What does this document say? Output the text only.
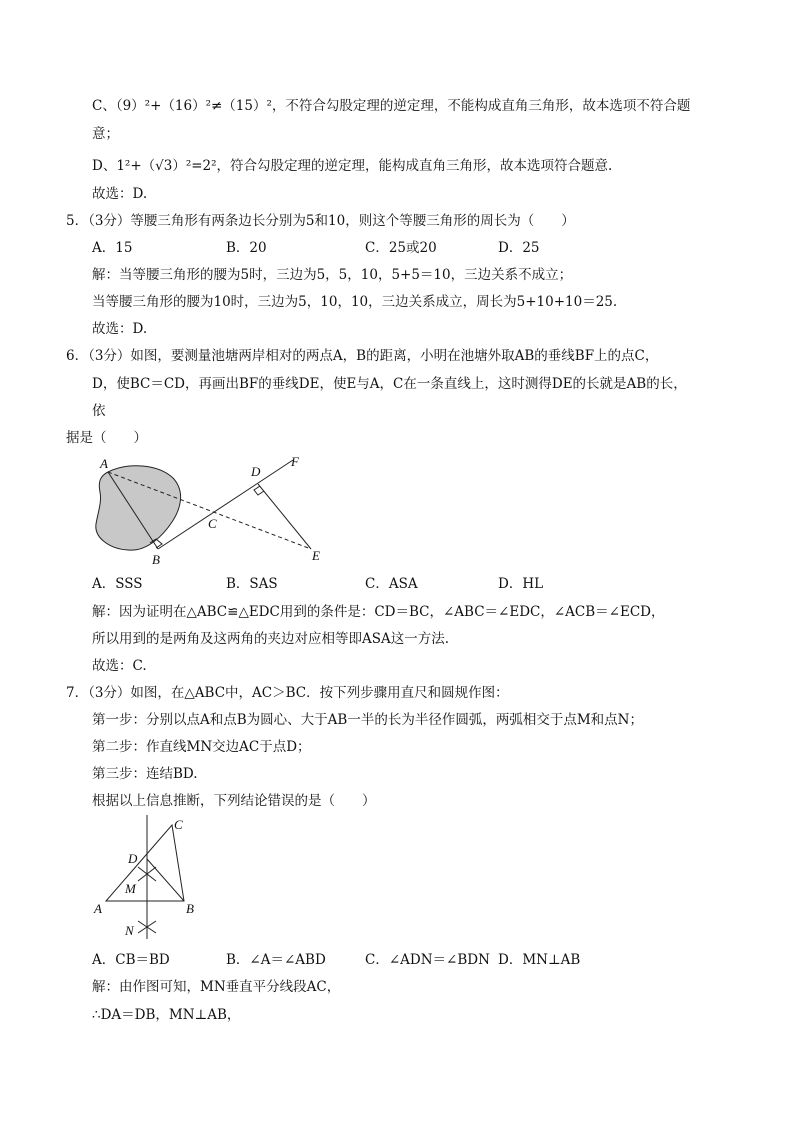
C、（9）²+（16）²≠（15）²，不符合勾股定理的逆定理，不能构成直角三角形，故本选项不符合题
意；
D、1²+（√3）²=2²，符合勾股定理的逆定理，能构成直角三角形，故本选项符合题意.
故选：D.
5．（3分）等腰三角形有两条边长分别为5和10，则这个等腰三角形的周长为（　　）
A．15	B．20	C．25或20	D．25
解：当等腰三角形的腰为5时，三边为5，5，10，5+5＝10，三边关系不成立；
当等腰三角形的腰为10时，三边为5，10，10，三边关系成立，周长为5+10+10＝25.
故选：D.
6．（3分）如图，要测量池塘两岸相对的两点A，B的距离，小明在池塘外取AB的垂线BF上的点C，
D，使BC＝CD，再画出BF的垂线DE，使E与A，C在一条直线上，这时测得DE的长就是AB的长，
依
据是（　　）
A
B
C
D
F
E
A．SSS	B．SAS	C．ASA	D．HL
解：因为证明在△ABC≌△EDC用到的条件是：CD＝BC，∠ABC＝∠EDC，∠ACB＝∠ECD，
所以用到的是两角及这两角的夹边对应相等即ASA这一方法.
故选：C.
7．（3分）如图，在△ABC中，AC＞BC．按下列步骤用直尺和圆规作图：
第一步：分别以点A和点B为圆心、大于AB一半的长为半径作圆弧，两弧相交于点M和点N；
第二步：作直线MN交边AC于点D；
第三步：连结BD.
根据以上信息推断，下列结论错误的是（　　）
C
D
M
A	B
N
A．CB＝BD	B．∠A＝∠ABD	C．∠ADN＝∠BDN D．MN⊥AB
解：由作图可知，MN垂直平分线段AC，
∴DA＝DB，MN⊥AB，
